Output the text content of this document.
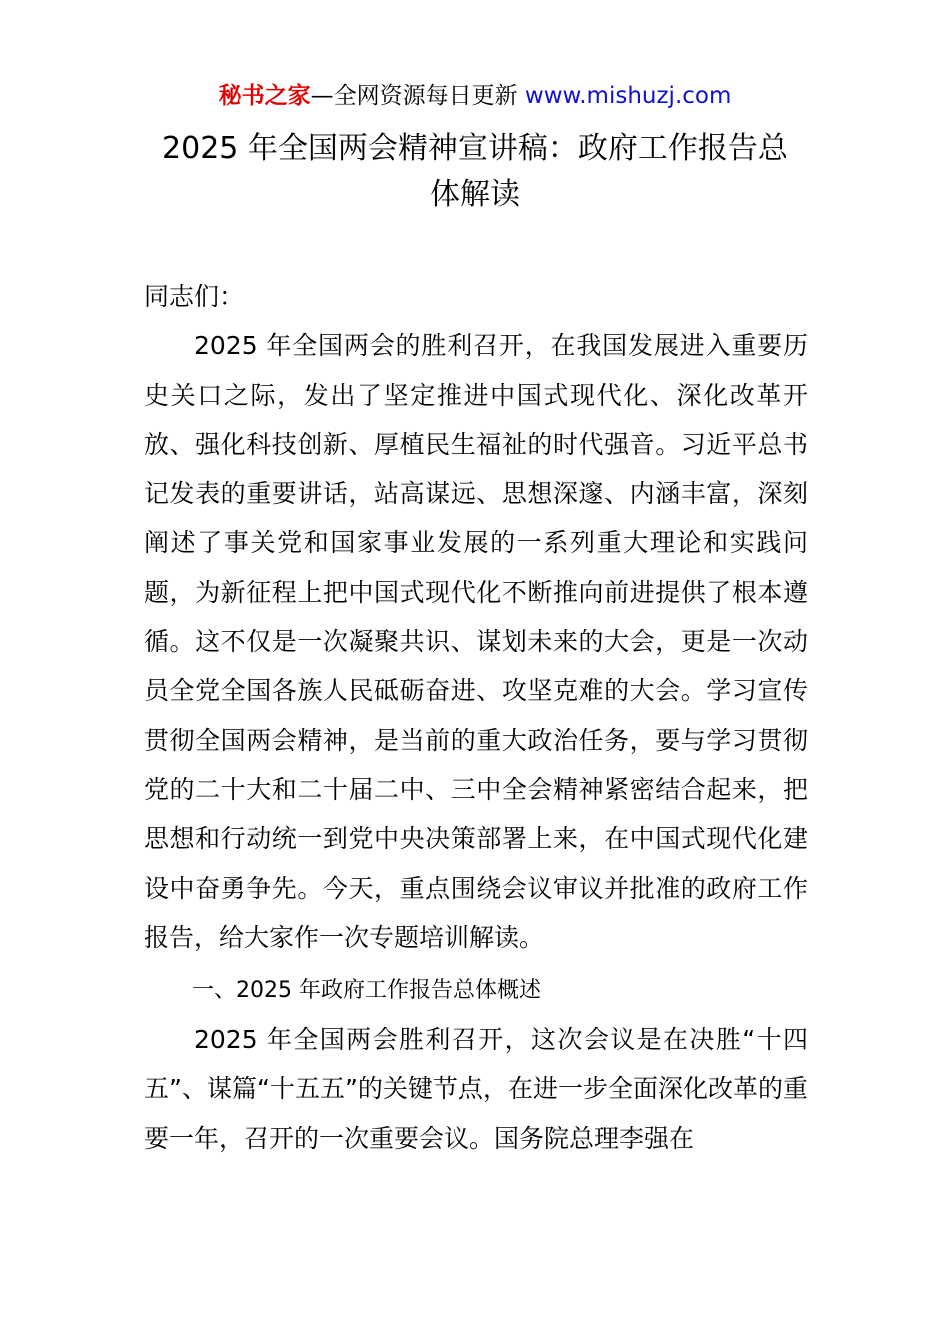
秘书之家—全网资源每日更新 www.mishuzj.com
2025 年全国两会精神宣讲稿：政府工作报告总
体解读

同志们：

2025 年全国两会的胜利召开，在我国发展进入重要历史关口之际，发出了坚定推进中国式现代化、深化改革开放、强化科技创新、厚植民生福祉的时代强音。习近平总书记发表的重要讲话，站高谋远、思想深邃、内涵丰富，深刻阐述了事关党和国家事业发展的一系列重大理论和实践问题，为新征程上把中国式现代化不断推向前进提供了根本遵循。这不仅是一次凝聚共识、谋划未来的大会，更是一次动员全党全国各族人民砥砺奋进、攻坚克难的大会。学习宣传贯彻全国两会精神，是当前的重大政治任务，要与学习贯彻党的二十大和二十届二中、三中全会精神紧密结合起来，把思想和行动统一到党中央决策部署上来，在中国式现代化建设中奋勇争先。今天，重点围绕会议审议并批准的政府工作报告，给大家作一次专题培训解读。

一、2025 年政府工作报告总体概述

2025 年全国两会胜利召开，这次会议是在决胜“十四五”、谋篇“十五五”的关键节点，在进一步全面深化改革的重要一年，召开的一次重要会议。国务院总理李强在
